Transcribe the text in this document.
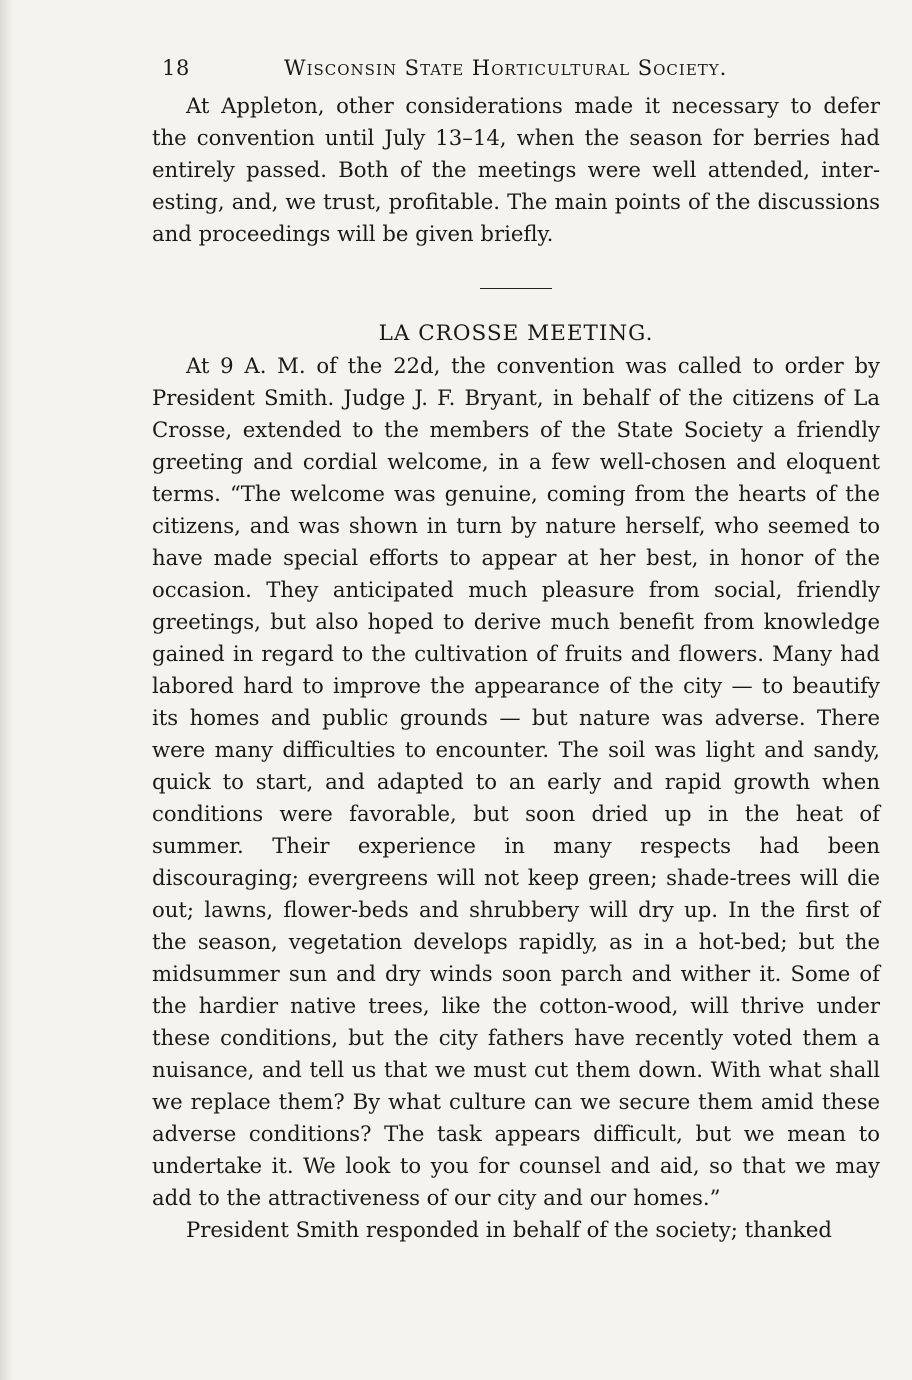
18	Wisconsin State Horticultural Society.

At Appleton, other considerations made it necessary to defer the convention until July 13–14, when the season for berries had entirely passed. Both of the meetings were well attended, interesting, and, we trust, profitable. The main points of the discussions and proceedings will be given briefly.

LA CROSSE MEETING.

At 9 A. M. of the 22d, the convention was called to order by President Smith. Judge J. F. Bryant, in behalf of the citizens of La Crosse, extended to the members of the State Society a friendly greeting and cordial welcome, in a few well-chosen and eloquent terms. “The welcome was genuine, coming from the hearts of the citizens, and was shown in turn by nature herself, who seemed to have made special efforts to appear at her best, in honor of the occasion. They anticipated much pleasure from social, friendly greetings, but also hoped to derive much benefit from knowledge gained in regard to the cultivation of fruits and flowers. Many had labored hard to improve the appearance of the city — to beautify its homes and public grounds — but nature was adverse. There were many difficulties to encounter. The soil was light and sandy, quick to start, and adapted to an early and rapid growth when conditions were favorable, but soon dried up in the heat of summer. Their experience in many respects had been discouraging; evergreens will not keep green; shade-trees will die out; lawns, flower-beds and shrubbery will dry up. In the first of the season, vegetation develops rapidly, as in a hot-bed; but the midsummer sun and dry winds soon parch and wither it. Some of the hardier native trees, like the cotton-wood, will thrive under these conditions, but the city fathers have recently voted them a nuisance, and tell us that we must cut them down. With what shall we replace them? By what culture can we secure them amid these adverse conditions? The task appears difficult, but we mean to undertake it. We look to you for counsel and aid, so that we may add to the attractiveness of our city and our homes.”

President Smith responded in behalf of the society; thanked
